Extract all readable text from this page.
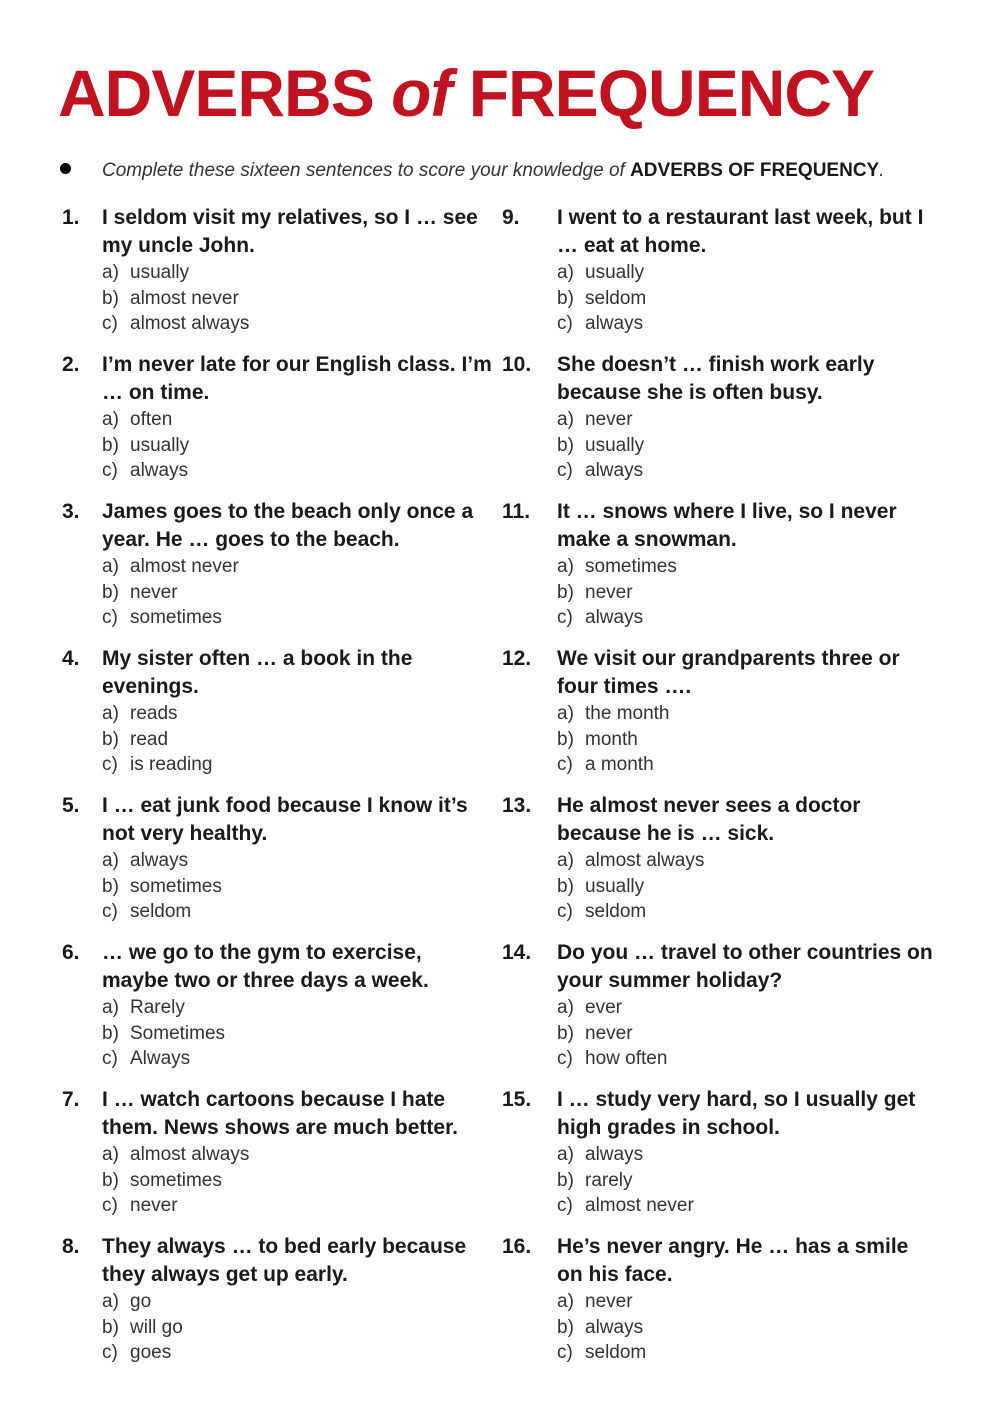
ADVERBS of FREQUENCY
Complete these sixteen sentences to score your knowledge of ADVERBS OF FREQUENCY.
1.	I seldom visit my relatives, so I … see my uncle John.
a) usually
b) almost never
c) almost always
2.	I’m never late for our English class. I’m … on time.
a) often
b) usually
c) always
3.	James goes to the beach only once a year. He … goes to the beach.
a) almost never
b) never
c) sometimes
4.	My sister often … a book in the evenings.
a) reads
b) read
c) is reading
5.	I … eat junk food because I know it’s not very healthy.
a) always
b) sometimes
c) seldom
6.	… we go to the gym to exercise, maybe two or three days a week.
a) Rarely
b) Sometimes
c) Always
7.	I … watch cartoons because I hate them. News shows are much better.
a) almost always
b) sometimes
c) never
8.	They always … to bed early because they always get up early.
a) go
b) will go
c) goes
9.	I went to a restaurant last week, but I … eat at home.
a) usually
b) seldom
c) always
10.	She doesn’t … finish work early because she is often busy.
a) never
b) usually
c) always
11.	It … snows where I live, so I never make a snowman.
a) sometimes
b) never
c) always
12.	We visit our grandparents three or four times ….
a) the month
b) month
c) a month
13.	He almost never sees a doctor because he is … sick.
a) almost always
b) usually
c) seldom
14.	Do you … travel to other countries on your summer holiday?
a) ever
b) never
c) how often
15.	I … study very hard, so I usually get high grades in school.
a) always
b) rarely
c) almost never
16.	He’s never angry. He … has a smile on his face.
a) never
b) always
c) seldom
